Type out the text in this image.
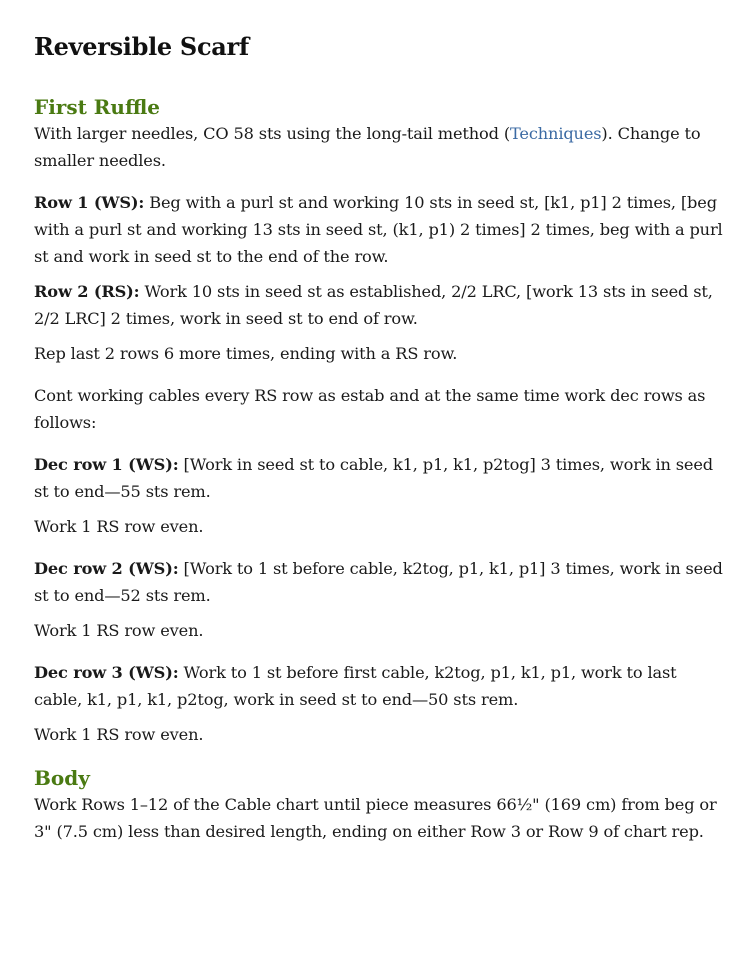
Reversible Scarf
First Ruffle

With larger needles, CO 58 sts using the long-tail method (Techniques). Change to smaller needles.

Row 1 (WS): Beg with a purl st and working 10 sts in seed st, [k1, p1] 2 times, [beg with a purl st and working 13 sts in seed st, (k1, p1) 2 times] 2 times, beg with a purl st and work in seed st to the end of the row.

Row 2 (RS): Work 10 sts in seed st as established, 2/2 LRC, [work 13 sts in seed st, 2/2 LRC] 2 times, work in seed st to end of row.

Rep last 2 rows 6 more times, ending with a RS row.

Cont working cables every RS row as estab and at the same time work dec rows as follows:

Dec row 1 (WS): [Work in seed st to cable, k1, p1, k1, p2tog] 3 times, work in seed st to end—55 sts rem.

Work 1 RS row even.

Dec row 2 (WS): [Work to 1 st before cable, k2tog, p1, k1, p1] 3 times, work in seed st to end—52 sts rem.

Work 1 RS row even.

Dec row 3 (WS): Work to 1 st before first cable, k2tog, p1, k1, p1, work to last cable, k1, p1, k1, p2tog, work in seed st to end—50 sts rem.

Work 1 RS row even.

Body

Work Rows 1–12 of the Cable chart until piece measures 66½" (169 cm) from beg or 3" (7.5 cm) less than desired length, ending on either Row 3 or Row 9 of chart rep.
